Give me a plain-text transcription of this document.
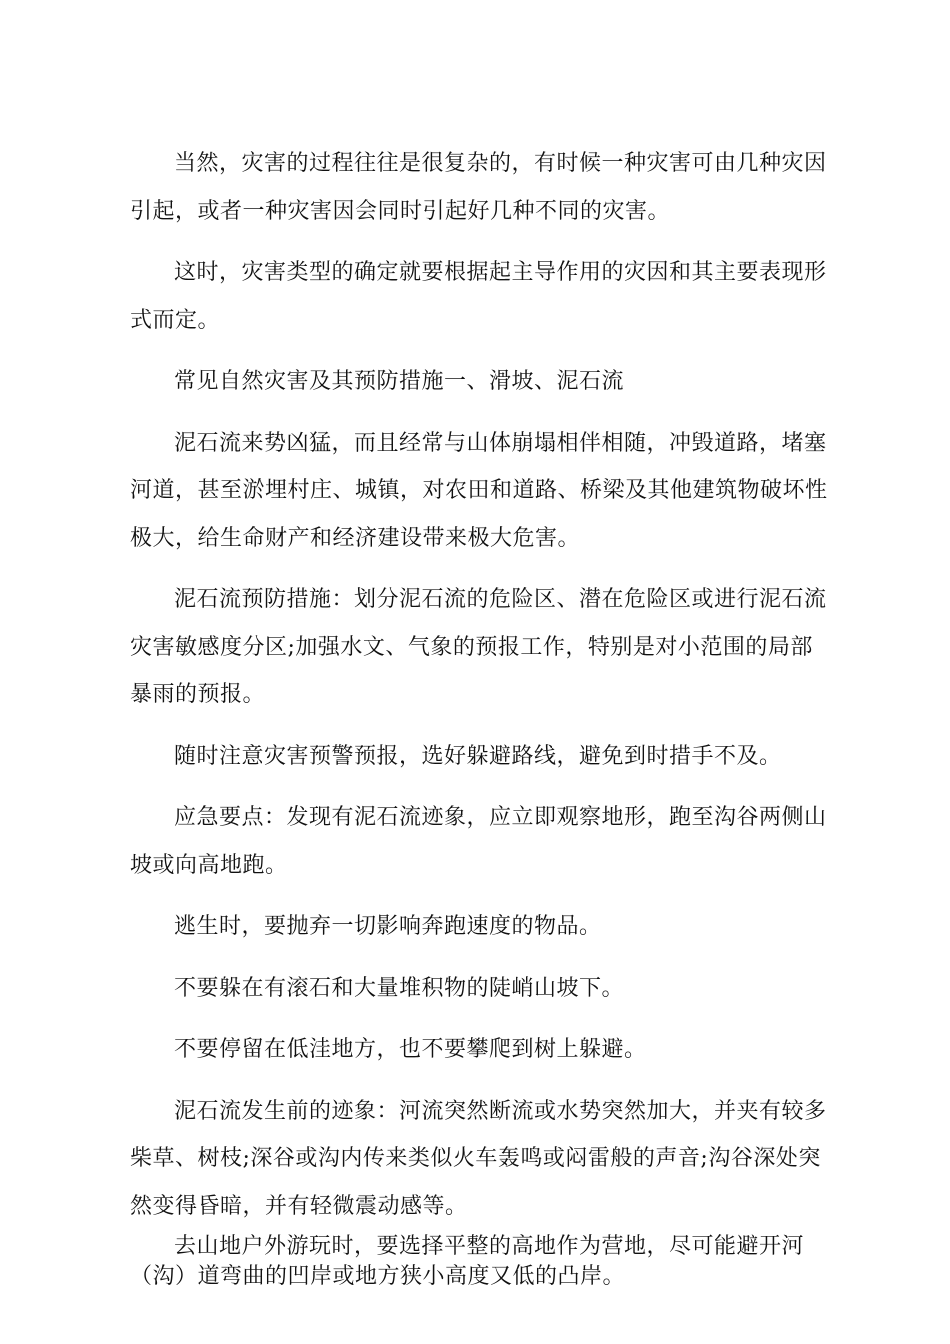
当然，灾害的过程往往是很复杂的，有时候一种灾害可由几种灾因引起，或者一种灾害因会同时引起好几种不同的灾害。

这时，灾害类型的确定就要根据起主导作用的灾因和其主要表现形式而定。

常见自然灾害及其预防措施一、滑坡、泥石流

泥石流来势凶猛，而且经常与山体崩塌相伴相随，冲毁道路，堵塞河道，甚至淤埋村庄、城镇，对农田和道路、桥梁及其他建筑物破坏性极大，给生命财产和经济建设带来极大危害。

泥石流预防措施：划分泥石流的危险区、潜在危险区或进行泥石流灾害敏感度分区;加强水文、气象的预报工作，特别是对小范围的局部暴雨的预报。

随时注意灾害预警预报，选好躲避路线，避免到时措手不及。

应急要点：发现有泥石流迹象，应立即观察地形，跑至沟谷两侧山坡或向高地跑。

逃生时，要抛弃一切影响奔跑速度的物品。

不要躲在有滚石和大量堆积物的陡峭山坡下。

不要停留在低洼地方，也不要攀爬到树上躲避。

泥石流发生前的迹象：河流突然断流或水势突然加大，并夹有较多柴草、树枝;深谷或沟内传来类似火车轰鸣或闷雷般的声音;沟谷深处突然变得昏暗，并有轻微震动感等。

去山地户外游玩时，要选择平整的高地作为营地，尽可能避开河（沟）道弯曲的凹岸或地方狭小高度又低的凸岸。
